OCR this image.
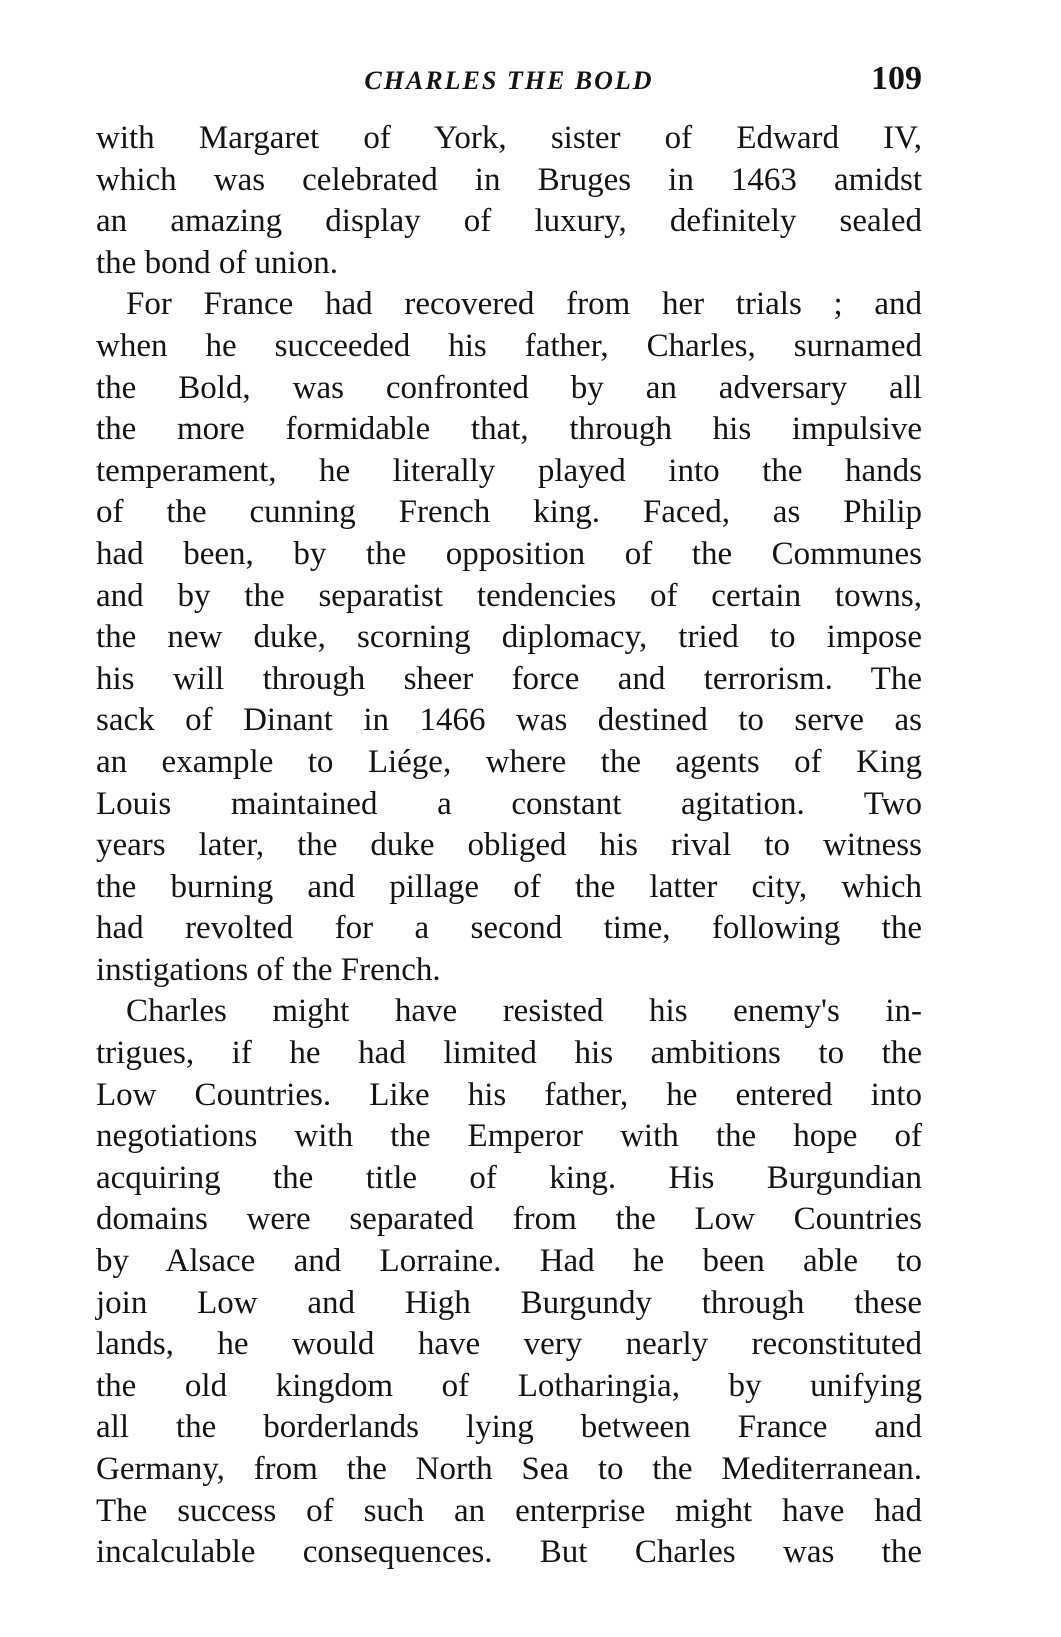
CHARLES THE BOLD	109
with Margaret of York, sister of Edward IV,
which was celebrated in Bruges in 1463 amidst
an amazing display of luxury, definitely sealed
the bond of union.
For France had recovered from her trials ; and
when he succeeded his father, Charles, surnamed
the Bold, was confronted by an adversary all
the more formidable that, through his impulsive
temperament, he literally played into the hands
of the cunning French king. Faced, as Philip
had been, by the opposition of the Communes
and by the separatist tendencies of certain towns,
the new duke, scorning diplomacy, tried to impose
his will through sheer force and terrorism. The
sack of Dinant in 1466 was destined to serve as
an example to Liége, where the agents of King
Louis maintained a constant agitation. Two
years later, the duke obliged his rival to witness
the burning and pillage of the latter city, which
had revolted for a second time, following the
instigations of the French.
Charles might have resisted his enemy's in-
trigues, if he had limited his ambitions to the
Low Countries. Like his father, he entered into
negotiations with the Emperor with the hope of
acquiring the title of king. His Burgundian
domains were separated from the Low Countries
by Alsace and Lorraine. Had he been able to
join Low and High Burgundy through these
lands, he would have very nearly reconstituted
the old kingdom of Lotharingia, by unifying
all the borderlands lying between France and
Germany, from the North Sea to the Mediterranean.
The success of such an enterprise might have had
incalculable consequences. But Charles was the
